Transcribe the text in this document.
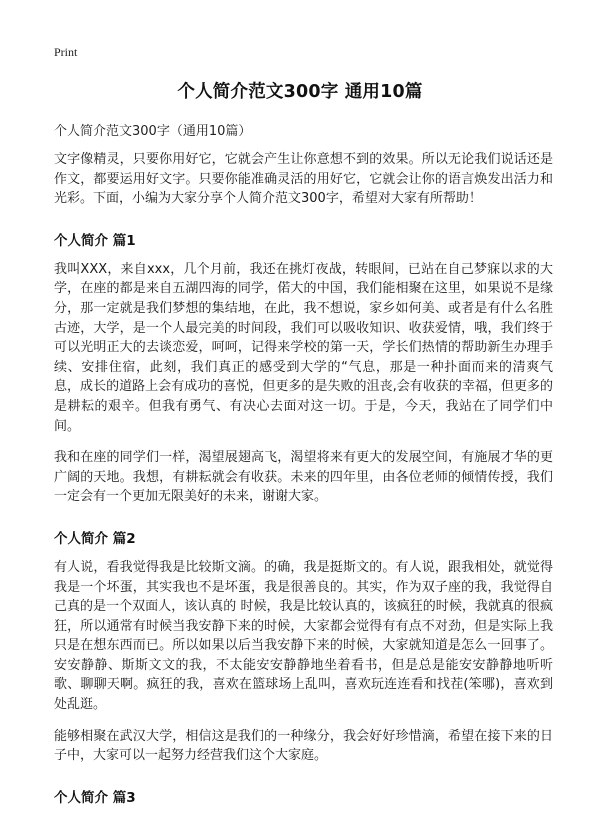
Print
个人简介范文300字 通用10篇
个人简介范文300字（通用10篇）

文字像精灵，只要你用好它，它就会产生让你意想不到的效果。所以无论我们说话还是作文，都要运用好文字。只要你能准确灵活的用好它，它就会让你的语言焕发出活力和光彩。下面，小编为大家分享个人简介范文300字，希望对大家有所帮助！

个人简介 篇1

我叫XXX，来自xxx，几个月前，我还在挑灯夜战，转眼间，已站在自己梦寐以求的大学，在座的都是来自五湖四海的同学，偌大的中国，我们能相聚在这里，如果说不是缘分，那一定就是我们梦想的集结地，在此，我不想说，家乡如何美、或者是有什么名胜古迹，大学，是一个人最完美的时间段，我们可以吸收知识、收获爱情，哦，我们终于可以光明正大的去谈恋爱，呵呵，记得来学校的第一天，学长们热情的帮助新生办理手续、安排住宿，此刻，我们真正的感受到大学的“气息，那是一种扑面而来的清爽气息，成长的道路上会有成功的喜悦，但更多的是失败的沮丧,会有收获的幸福，但更多的是耕耘的艰辛。但我有勇气、有决心去面对这一切。于是，今天，我站在了同学们中间。

我和在座的同学们一样，渴望展翅高飞，渴望将来有更大的发展空间，有施展才华的更广阔的天地。我想，有耕耘就会有收获。未来的四年里，由各位老师的倾情传授，我们一定会有一个更加无限美好的未来，谢谢大家。

个人简介 篇2

有人说，看我觉得我是比较斯文滴。的确，我是挺斯文的。有人说，跟我相处，就觉得我是一个坏蛋，其实我也不是坏蛋，我是很善良的。其实，作为双子座的我，我觉得自己真的是一个双面人，该认真的 时候，我是比较认真的，该疯狂的时候，我就真的很疯狂，所以通常有时候当我安静下来的时候，大家都会觉得有有点不对劲，但是实际上我只是在想东西而已。所以如果以后当我安静下来的时候，大家就知道是怎么一回事了。安安静静、斯斯文文的我，不太能安安静静地坐着看书，但是总是能安安静静地听听歌、聊聊天啊。疯狂的我，喜欢在篮球场上乱叫，喜欢玩连连看和找茬(笨哪)，喜欢到处乱逛。

能够相聚在武汉大学，相信这是我们的一种缘分，我会好好珍惜滴，希望在接下来的日子中，大家可以一起努力经营我们这个大家庭。

个人简介 篇3
